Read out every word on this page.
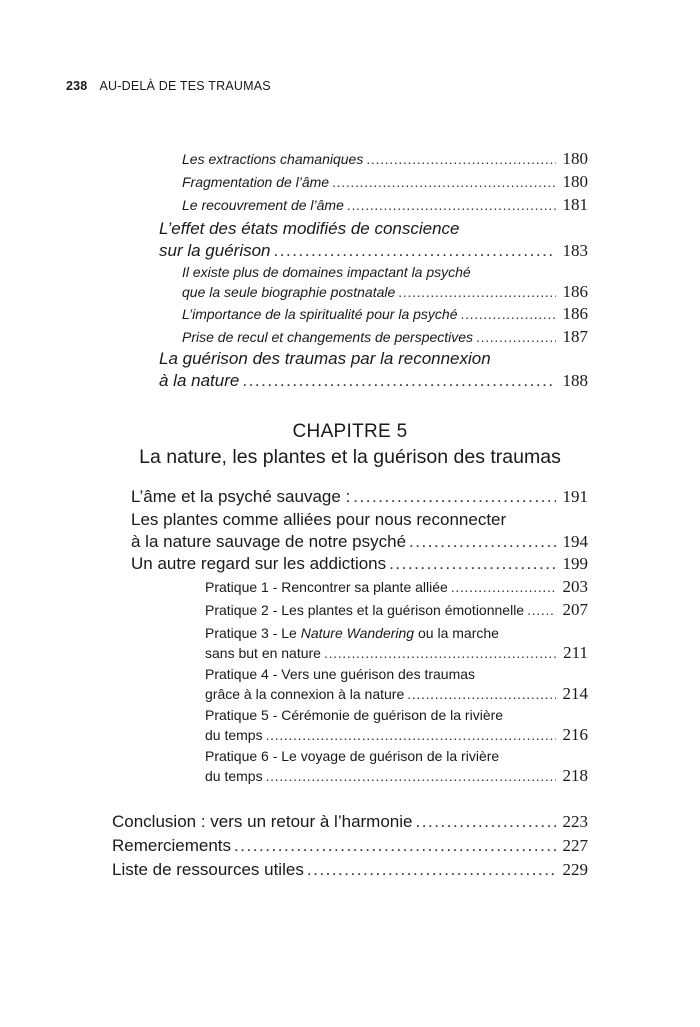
238 AU-DELÀ DE TES TRAUMAS
Les extractions chamaniques . . .	180
Fragmentation de l’âme . . .	180
Le recouvrement de l’âme . . .	181
L’effet des états modifiés de conscience
sur la guérison . . .	183
Il existe plus de domaines impactant la psyché
que la seule biographie postnatale . . .	186
L’importance de la spiritualité pour la psyché . . .	186
Prise de recul et changements de perspectives . . .	187
La guérison des traumas par la reconnexion
à la nature . . .	188
CHAPITRE 5
La nature, les plantes et la guérison des traumas
L’âme et la psyché sauvage : . . .	191
Les plantes comme alliées pour nous reconnecter
à la nature sauvage de notre psyché . . .	194
Un autre regard sur les addictions . . .	199
Pratique 1 - Rencontrer sa plante alliée . . .	203
Pratique 2 - Les plantes et la guérison émotionnelle . . . 207
Pratique 3 - Le Nature Wandering ou la marche
sans but en nature . . .	211
Pratique 4 - Vers une guérison des traumas
grâce à la connexion à la nature . . .	214
Pratique 5 - Cérémonie de guérison de la rivière
du temps . . .	216
Pratique 6 - Le voyage de guérison de la rivière
du temps . . .	218
Conclusion : vers un retour à l’harmonie . . .	223
Remerciements . . .	227
Liste de ressources utiles . . .	229
